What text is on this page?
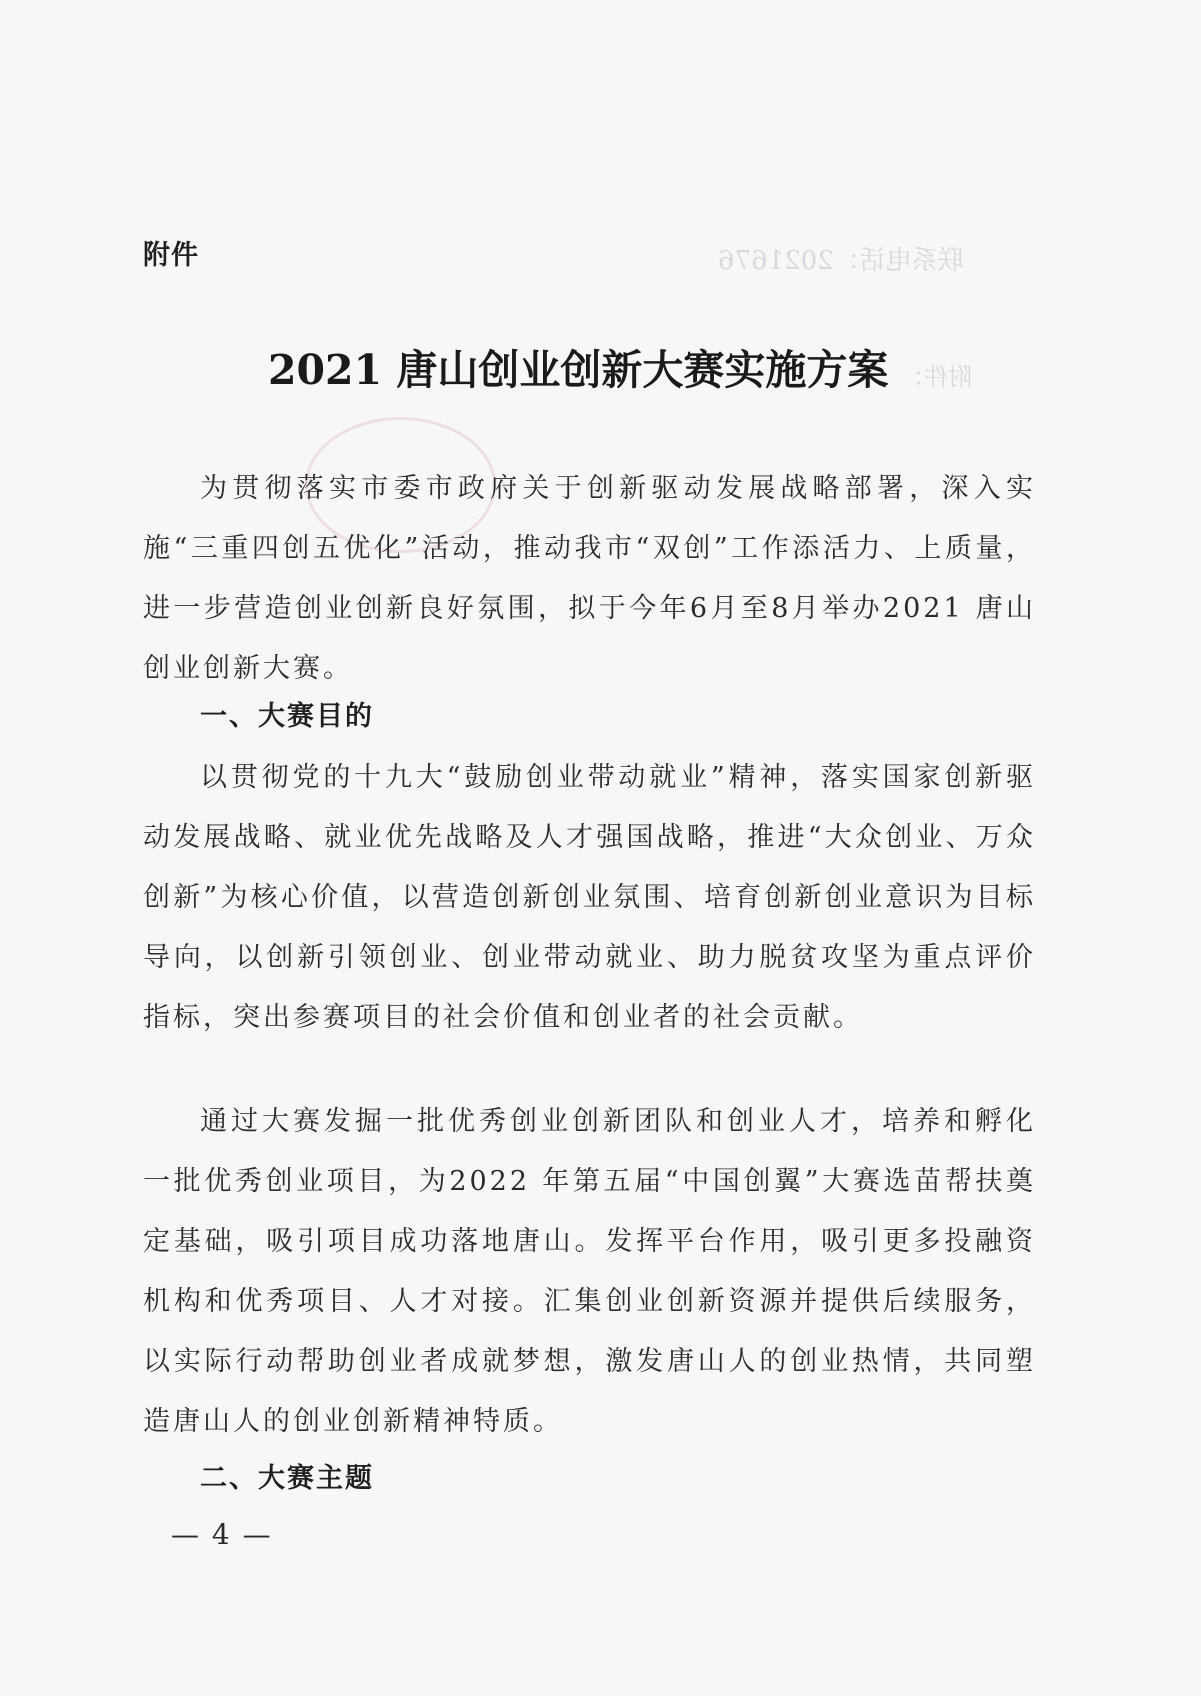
联系电话：2021676
附件：
附件
2021 唐山创业创新大赛实施方案

为贯彻落实市委市政府关于创新驱动发展战略部署，深入实施“三重四创五优化”活动，推动我市“双创”工作添活力、上质量，进一步营造创业创新良好氛围，拟于今年6月至8月举办2021 唐山创业创新大赛。

一、大赛目的

以贯彻党的十九大“鼓励创业带动就业”精神，落实国家创新驱动发展战略、就业优先战略及人才强国战略，推进“大众创业、万众创新”为核心价值，以营造创新创业氛围、培育创新创业意识为目标导向，以创新引领创业、创业带动就业、助力脱贫攻坚为重点评价指标，突出参赛项目的社会价值和创业者的社会贡献。

通过大赛发掘一批优秀创业创新团队和创业人才，培养和孵化一批优秀创业项目，为2022 年第五届“中国创翼”大赛选苗帮扶奠定基础，吸引项目成功落地唐山。发挥平台作用，吸引更多投融资机构和优秀项目、人才对接。汇集创业创新资源并提供后续服务，以实际行动帮助创业者成就梦想，激发唐山人的创业热情，共同塑造唐山人的创业创新精神特质。

二、大赛主题
— 4 —
